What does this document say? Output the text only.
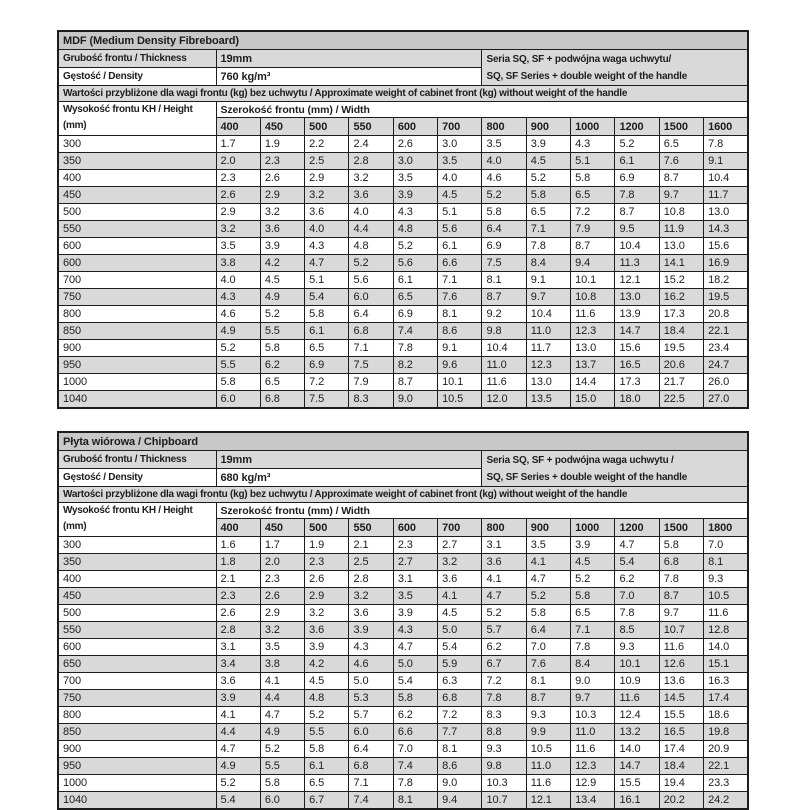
MDF (Medium Density Fibreboard)												
Grubość frontu / Thickness	19mm						Seria SQ, SF + podwójna waga uchwytu/
SQ, SF Series + double weight of the handle					

Gęstość / Density	760 kg/m³											
Wartości przybliżone dla wagi frontu (kg) bez uchwytu / Approximate weight of cabinet front (kg) without weight of the handle												

Wysokość frontu KH / Height
(mm)	Szerokość frontu (mm) / Width											
	400	450	500	550	600	700	800	900	1000	1200	1500	1600
300	1.7	1.9	2.2	2.4	2.6	3.0	3.5	3.9	4.3	5.2	6.5	7.8
350	2.0	2.3	2.5	2.8	3.0	3.5	4.0	4.5	5.1	6.1	7.6	9.1
400	2.3	2.6	2.9	3.2	3.5	4.0	4.6	5.2	5.8	6.9	8.7	10.4
450	2.6	2.9	3.2	3.6	3.9	4.5	5.2	5.8	6.5	7.8	9.7	11.7
500	2.9	3.2	3.6	4.0	4.3	5.1	5.8	6.5	7.2	8.7	10.8	13.0
550	3.2	3.6	4.0	4.4	4.8	5.6	6.4	7.1	7.9	9.5	11.9	14.3
600	3.5	3.9	4.3	4.8	5.2	6.1	6.9	7.8	8.7	10.4	13.0	15.6
600	3.8	4.2	4.7	5.2	5.6	6.6	7.5	8.4	9.4	11.3	14.1	16.9
700	4.0	4.5	5.1	5.6	6.1	7.1	8.1	9.1	10.1	12.1	15.2	18.2
750	4.3	4.9	5.4	6.0	6.5	7.6	8.7	9.7	10.8	13.0	16.2	19.5
800	4.6	5.2	5.8	6.4	6.9	8.1	9.2	10.4	11.6	13.9	17.3	20.8
850	4.9	5.5	6.1	6.8	7.4	8.6	9.8	11.0	12.3	14.7	18.4	22.1
900	5.2	5.8	6.5	7.1	7.8	9.1	10.4	11.7	13.0	15.6	19.5	23.4
950	5.5	6.2	6.9	7.5	8.2	9.6	11.0	12.3	13.7	16.5	20.6	24.7
1000	5.8	6.5	7.2	7.9	8.7	10.1	11.6	13.0	14.4	17.3	21.7	26.0
1040	6.0	6.8	7.5	8.3	9.0	10.5	12.0	13.5	15.0	18.0	22.5	27.0
Płyta wiórowa / Chipboard												
Grubość frontu / Thickness	19mm						Seria SQ, SF + podwójna waga uchwytu /
SQ, SF Series + double weight of the handle					

Gęstość / Density	680 kg/m³											
Wartości przybliżone dla wagi frontu (kg) bez uchwytu / Approximate weight of cabinet front (kg) without weight of the handle												

Wysokość frontu KH / Height
(mm)	Szerokość frontu (mm) / Width											
	400	450	500	550	600	700	800	900	1000	1200	1500	1800
300	1.6	1.7	1.9	2.1	2.3	2.7	3.1	3.5	3.9	4.7	5.8	7.0
350	1.8	2.0	2.3	2.5	2.7	3.2	3.6	4.1	4.5	5.4	6.8	8.1
400	2.1	2.3	2.6	2.8	3.1	3.6	4.1	4.7	5.2	6.2	7.8	9.3
450	2.3	2.6	2.9	3.2	3.5	4.1	4.7	5.2	5.8	7.0	8.7	10.5
500	2.6	2.9	3.2	3.6	3.9	4.5	5.2	5.8	6.5	7.8	9.7	11.6
550	2.8	3.2	3.6	3.9	4.3	5.0	5.7	6.4	7.1	8.5	10.7	12.8
600	3.1	3.5	3.9	4.3	4.7	5.4	6.2	7.0	7.8	9.3	11.6	14.0
650	3.4	3.8	4.2	4.6	5.0	5.9	6.7	7.6	8.4	10.1	12.6	15.1
700	3.6	4.1	4.5	5.0	5.4	6.3	7.2	8.1	9.0	10.9	13.6	16.3
750	3.9	4.4	4.8	5.3	5.8	6.8	7.8	8.7	9.7	11.6	14.5	17.4
800	4.1	4.7	5.2	5.7	6.2	7.2	8.3	9.3	10.3	12.4	15.5	18.6
850	4.4	4.9	5.5	6.0	6.6	7.7	8.8	9.9	11.0	13.2	16.5	19.8
900	4.7	5.2	5.8	6.4	7.0	8.1	9.3	10.5	11.6	14.0	17.4	20.9
950	4.9	5.5	6.1	6.8	7.4	8.6	9.8	11.0	12.3	14.7	18.4	22.1
1000	5.2	5.8	6.5	7.1	7.8	9.0	10.3	11.6	12.9	15.5	19.4	23.3
1040	5.4	6.0	6.7	7.4	8.1	9.4	10.7	12.1	13.4	16.1	20.2	24.2
